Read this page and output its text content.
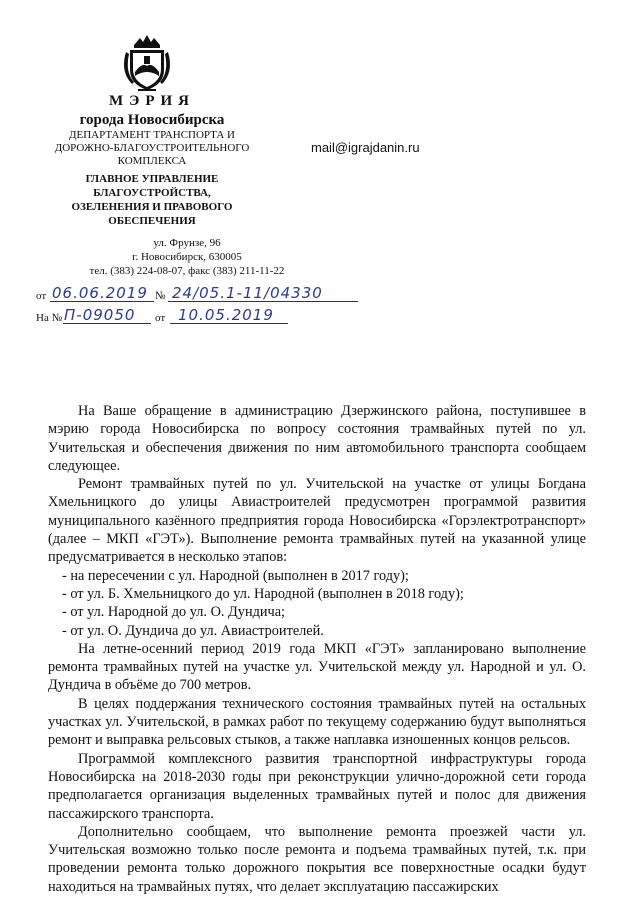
МЭРИЯ
города Новосибирска
ДЕПАРТАМЕНТ ТРАНСПОРТА И
ДОРОЖНО-БЛАГОУСТРОИТЕЛЬНОГО
КОМПЛЕКСА
ГЛАВНОЕ УПРАВЛЕНИЕ
БЛАГОУСТРОЙСТВА,
ОЗЕЛЕНЕНИЯ И ПРАВОВОГО
ОБЕСПЕЧЕНИЯ
ул. Фрунзе, 96
г. Новосибирск, 630005
тел. (383) 224-08-07, факс (383) 211-11-22
mail@igrajdanin.ru
от 06.06.2019 № 24/05.1-11/04330
На № П-09050 от 10.05.2019

На Ваше обращение в администрацию Дзержинского района, поступившее в мэрию города Новосибирска по вопросу состояния трамвайных путей по ул. Учительская и обеспечения движения по ним автомобильного транспорта сообщаем следующее.

Ремонт трамвайных путей по ул. Учительской на участке от улицы Богдана Хмельницкого до улицы Авиастроителей предусмотрен программой развития муниципального казённого предприятия города Новосибирска «Горэлектротранспорт» (далее – МКП «ГЭТ»). Выполнение ремонта трамвайных путей на указанной улице предусматривается в несколько этапов:

- на пересечении с ул. Народной (выполнен в 2017 году);

- от ул. Б. Хмельницкого до ул. Народной (выполнен в 2018 году);

- от ул. Народной до ул. О. Дундича;

- от ул. О. Дундича до ул. Авиастроителей.

На летне-осенний период 2019 года МКП «ГЭТ» запланировано выполнение ремонта трамвайных путей на участке ул. Учительской между ул. Народной и ул. О. Дундича в объёме до 700 метров.

В целях поддержания технического состояния трамвайных путей на остальных участках ул. Учительской, в рамках работ по текущему содержанию будут выполняться ремонт и выправка рельсовых стыков, а также наплавка изношенных концов рельсов.

Программой комплексного развития транспортной инфраструктуры города Новосибирска на 2018-2030 годы при реконструкции улично-дорожной сети города предполагается организация выделенных трамвайных путей и полос для движения пассажирского транспорта.

Дополнительно сообщаем, что выполнение ремонта проезжей части ул. Учительская возможно только после ремонта и подъема трамвайных путей, т.к. при проведении ремонта только дорожного покрытия все поверхностные осадки будут находиться на трамвайных путях, что делает эксплуатацию пассажирских
